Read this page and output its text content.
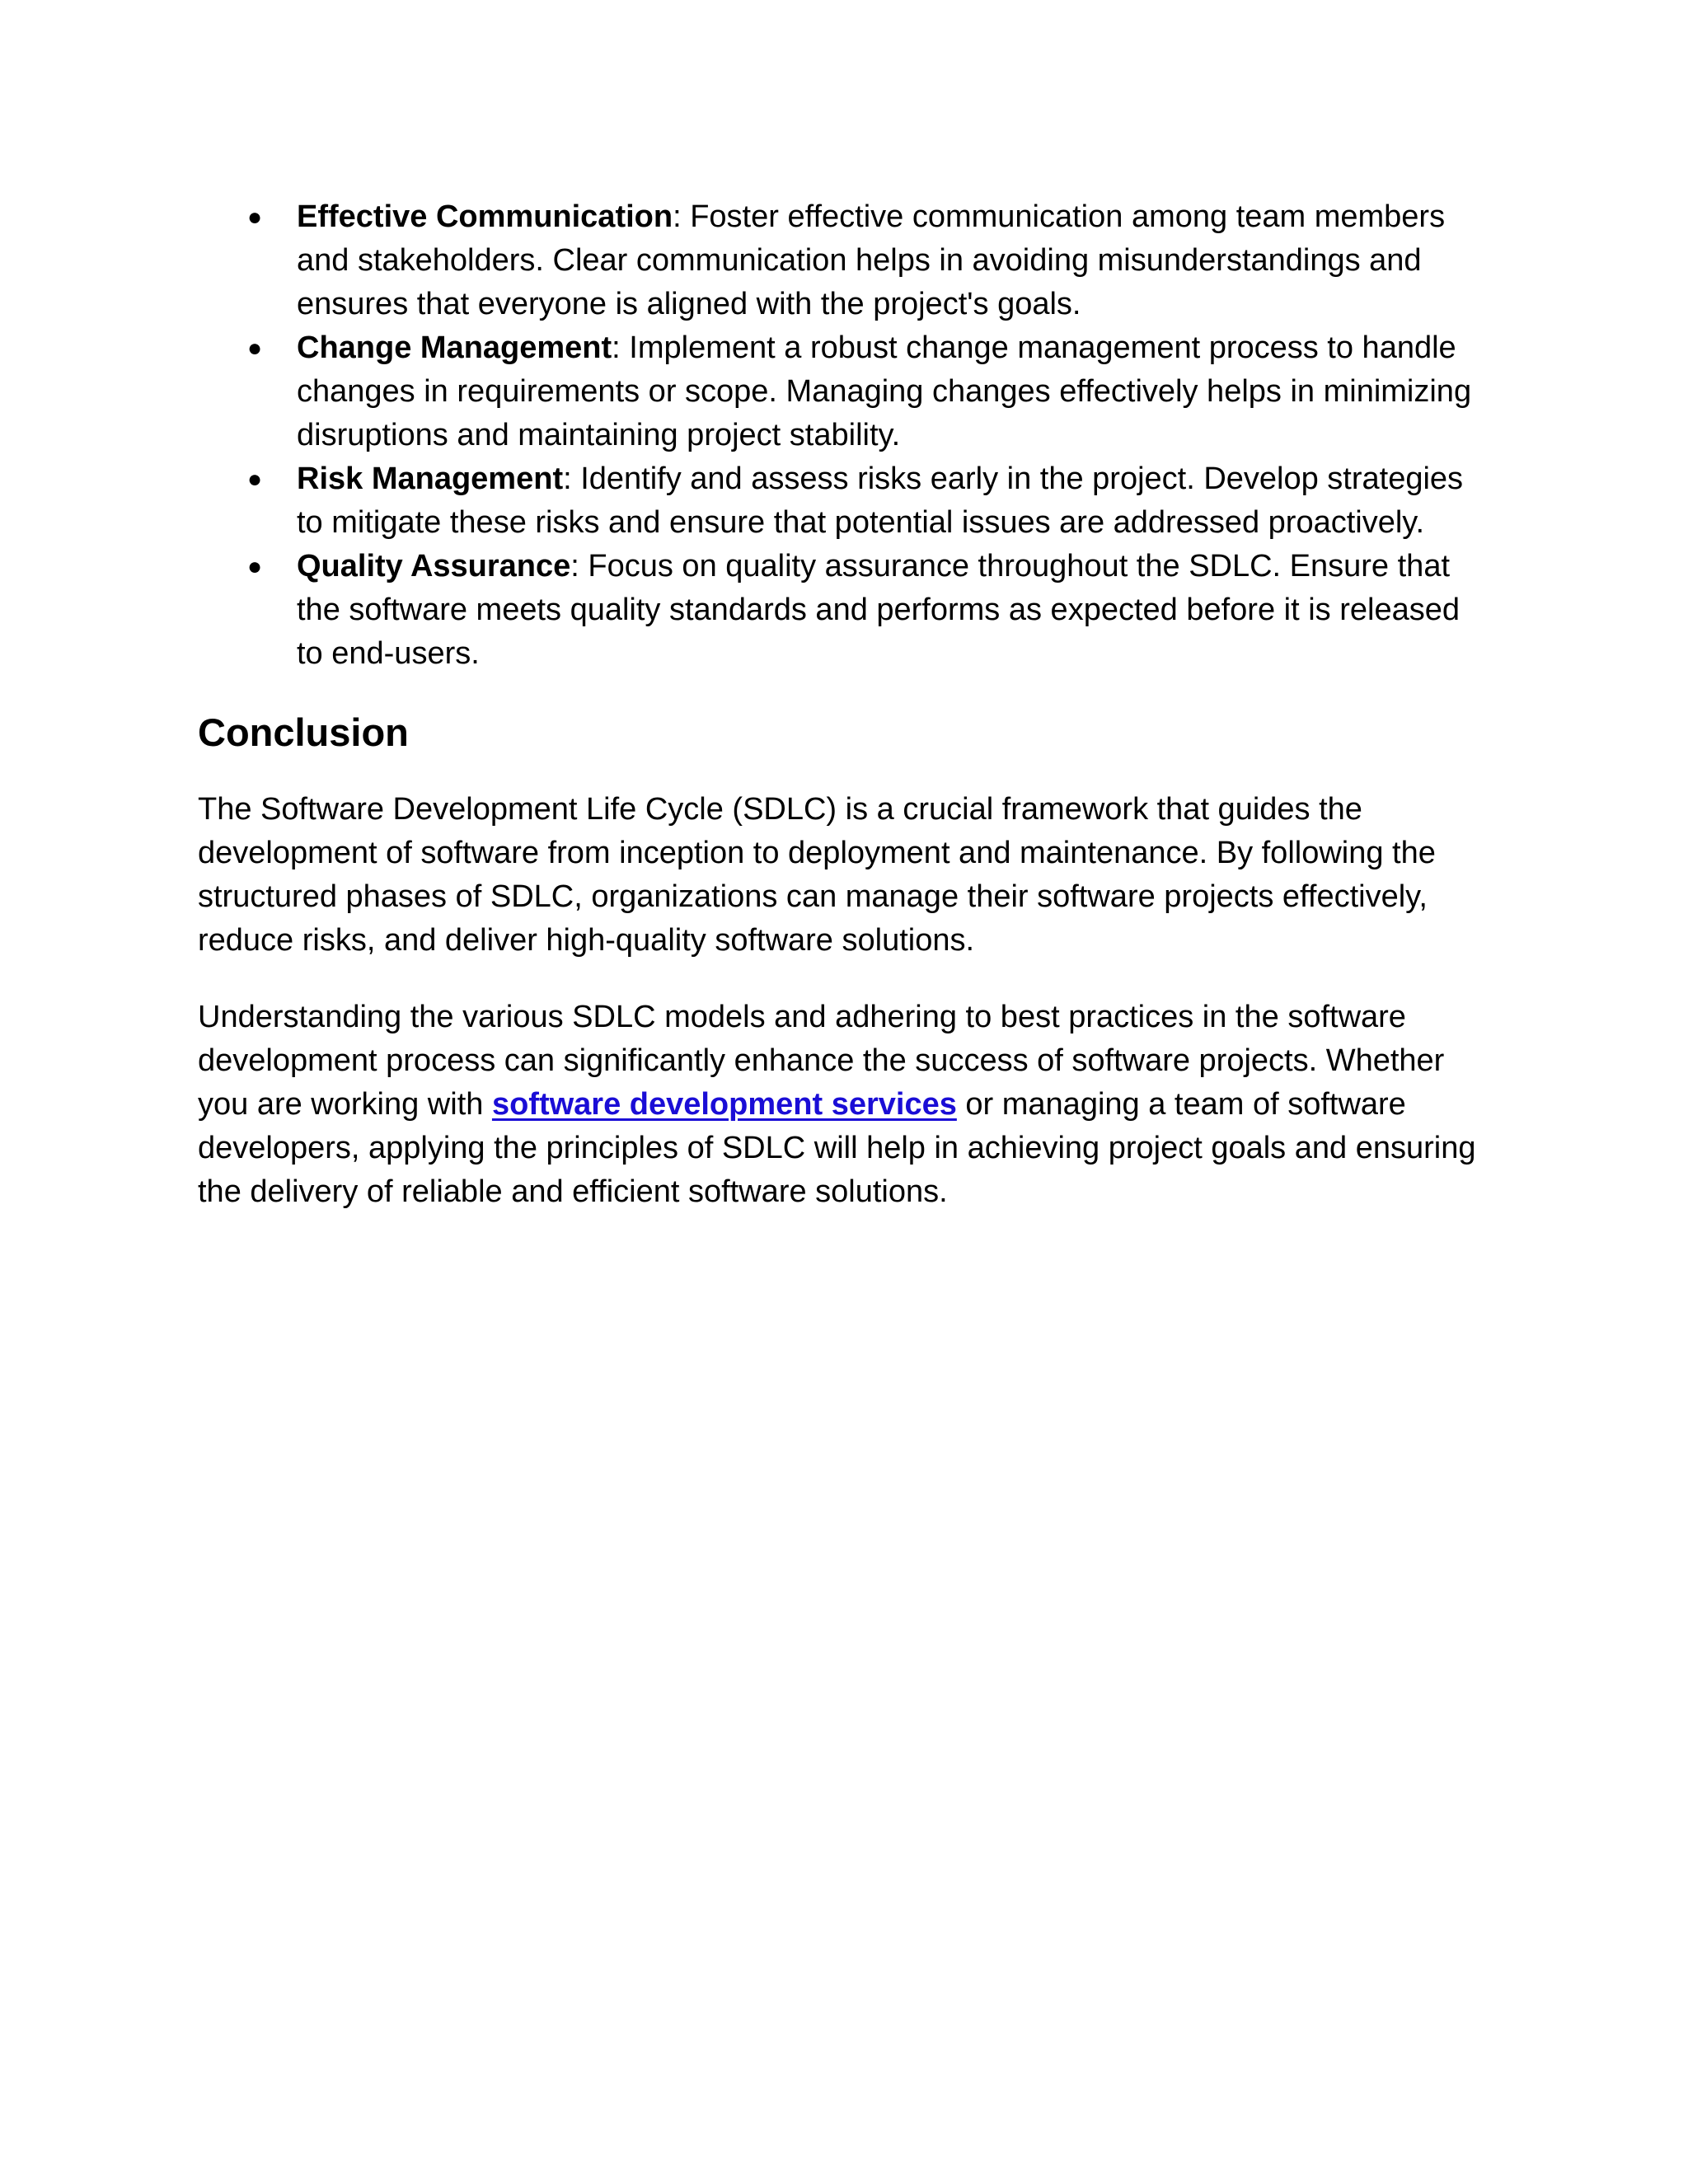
● Effective Communication: Foster effective communication among team members and stakeholders. Clear communication helps in avoiding misunderstandings and ensures that everyone is aligned with the project's goals.
● Change Management: Implement a robust change management process to handle changes in requirements or scope. Managing changes effectively helps in minimizing disruptions and maintaining project stability.
● Risk Management: Identify and assess risks early in the project. Develop strategies to mitigate these risks and ensure that potential issues are addressed proactively.
● Quality Assurance: Focus on quality assurance throughout the SDLC. Ensure that the software meets quality standards and performs as expected before it is released to end-users.
Conclusion

The Software Development Life Cycle (SDLC) is a crucial framework that guides the development of software from inception to deployment and maintenance. By following the structured phases of SDLC, organizations can manage their software projects effectively, reduce risks, and deliver high-quality software solutions.

Understanding the various SDLC models and adhering to best practices in the software development process can significantly enhance the success of software projects. Whether you are working with software development services or managing a team of software developers, applying the principles of SDLC will help in achieving project goals and ensuring the delivery of reliable and efficient software solutions.
